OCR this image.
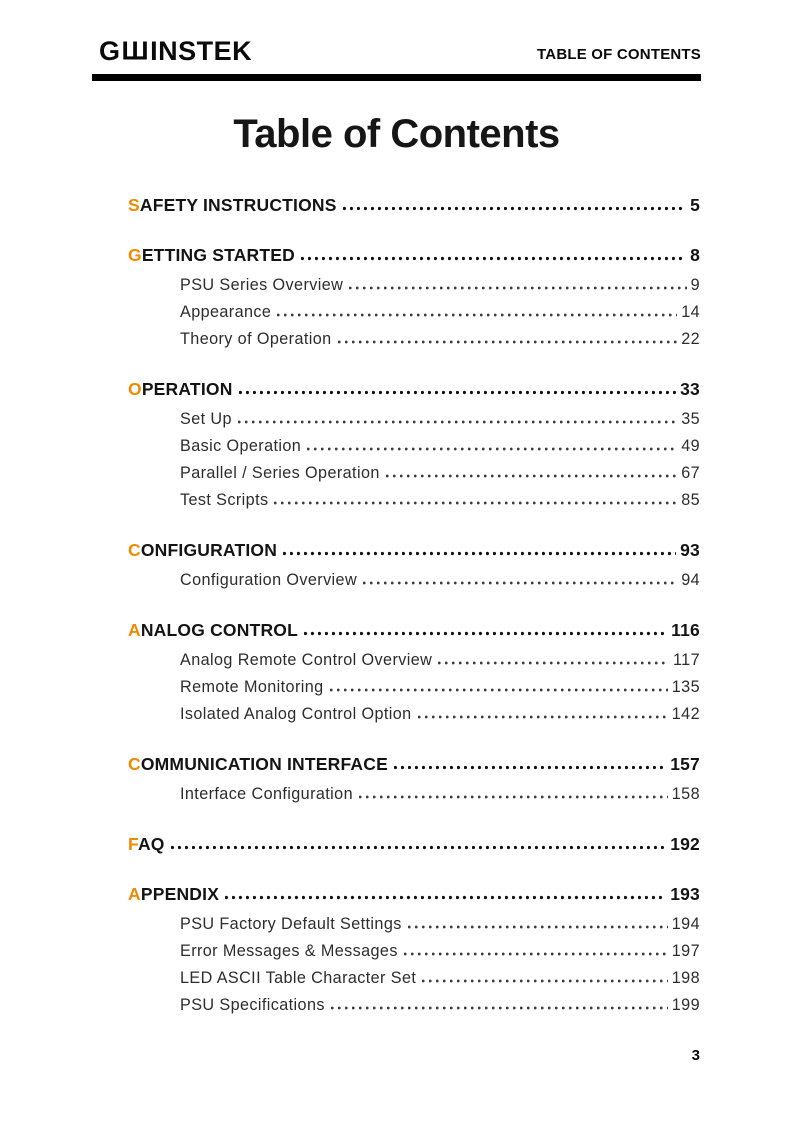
GШINSTEK	TABLE OF CONTENTS
Table of Contents
SAFETY INSTRUCTIONS	5
GETTING STARTED	8
PSU Series Overview	9
Appearance	14
Theory of Operation	22
OPERATION	33
Set Up	35
Basic Operation	49
Parallel / Series Operation	67
Test Scripts	85
CONFIGURATION	93
Configuration Overview	94
ANALOG CONTROL	116
Analog Remote Control Overview	117
Remote Monitoring	135
Isolated Analog Control Option	142
COMMUNICATION INTERFACE	157
Interface Configuration	158
FAQ	192
APPENDIX	193
PSU Factory Default Settings	194
Error Messages & Messages	197
LED ASCII Table Character Set	198
PSU Specifications	199
3
